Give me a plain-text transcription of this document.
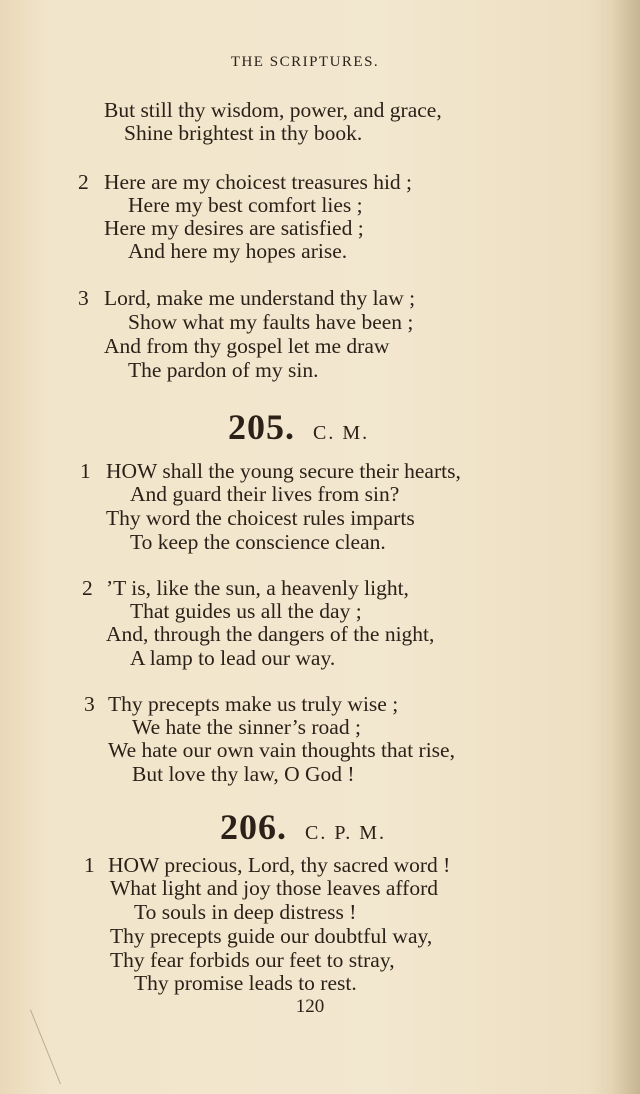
THE SCRIPTURES.
But still thy wisdom, power, and grace,
Shine brightest in thy book.
2 Here are my choicest treasures hid ;
Here my best comfort lies ;
Here my desires are satisfied ;
And here my hopes arise.
3 Lord, make me understand thy law ;
Show what my faults have been ;
And from thy gospel let me draw
The pardon of my sin.
205. C. M.
1 HOW shall the young secure their hearts,
And guard their lives from sin?
Thy word the choicest rules imparts
To keep the conscience clean.
2 ’T is, like the sun, a heavenly light,
That guides us all the day ;
And, through the dangers of the night,
A lamp to lead our way.
3 Thy precepts make us truly wise ;
We hate the sinner’s road ;
We hate our own vain thoughts that rise,
But love thy law, O God !
206. C. P. M.
1 HOW precious, Lord, thy sacred word !
What light and joy those leaves afford
To souls in deep distress !
Thy precepts guide our doubtful way,
Thy fear forbids our feet to stray,
Thy promise leads to rest.
120
